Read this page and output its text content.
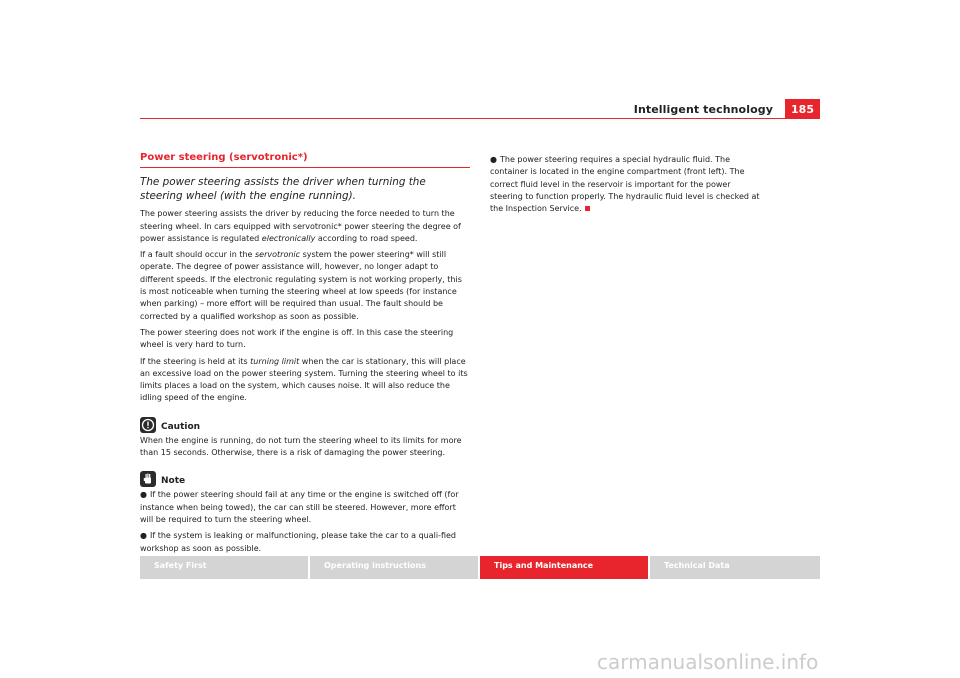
Intelligent technology	185
Power steering (servotronic*)
The power steering assists the driver when turning the steering wheel (with the engine running).

The power steering assists the driver by reducing the force needed to turn the steering wheel. In cars equipped with servotronic* power steering the degree of power assistance is regulated electronically according to road speed.

If a fault should occur in the servotronic system the power steering* will still operate. The degree of power assistance will, however, no longer adapt to different speeds. If the electronic regulating system is not working properly, this is most noticeable when turning the steering wheel at low speeds (for instance when parking) – more effort will be required than usual. The fault should be corrected by a qualified workshop as soon as possible.

The power steering does not work if the engine is off. In this case the steering wheel is very hard to turn.

If the steering is held at its turning limit when the car is stationary, this will place an excessive load on the power steering system. Turning the steering wheel to its limits places a load on the system, which causes noise. It will also reduce the idling speed of the engine.

Caution

When the engine is running, do not turn the steering wheel to its limits for more than 15 seconds. Otherwise, there is a risk of damaging the power steering.

Note

● If the power steering should fail at any time or the engine is switched off (for instance when being towed), the car can still be steered. However, more effort will be required to turn the steering wheel.

● If the system is leaking or malfunctioning, please take the car to a quali-fied workshop as soon as possible.

● The power steering requires a special hydraulic fluid. The container is located in the engine compartment (front left). The correct fluid level in the reservoir is important for the power steering to function properly. The hydraulic fluid level is checked at the Inspection Service.

Safety First	Operating instructions	Tips and Maintenance	Technical Data
carmanualsonline.info
